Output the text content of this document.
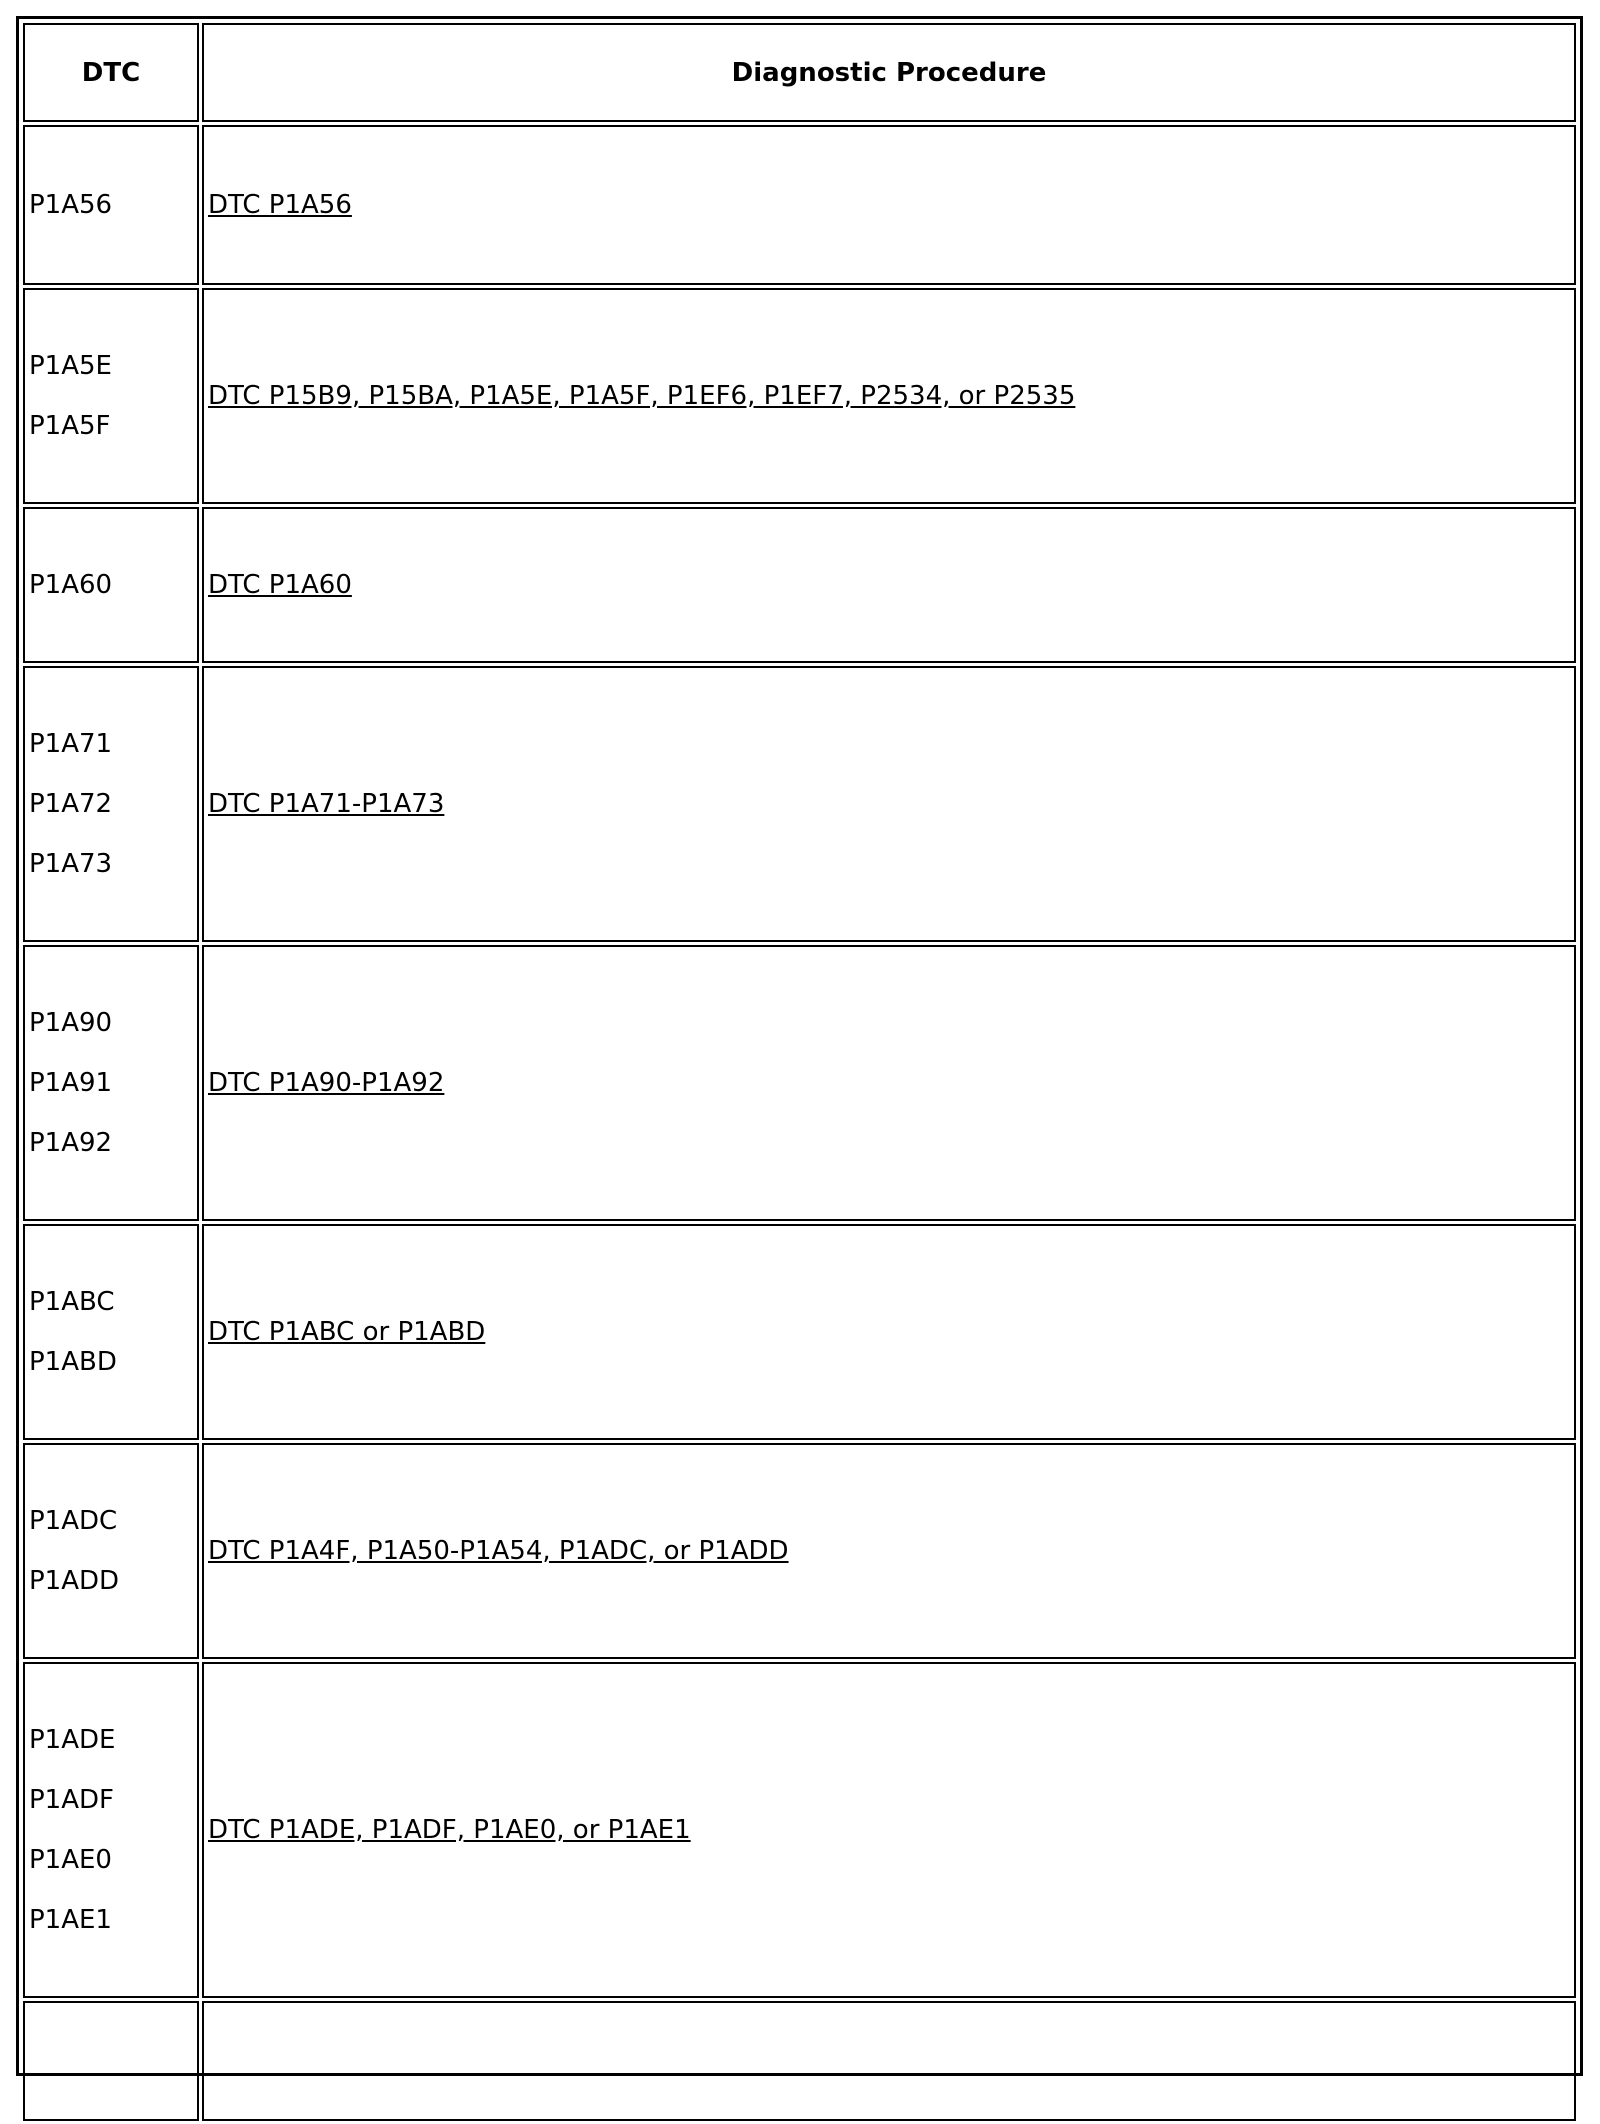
DTC	Diagnostic Procedure

P1A56	DTC P1A56

P1A5E
P1A5F	DTC P15B9, P15BA, P1A5E, P1A5F, P1EF6, P1EF7, P2534, or P2535

P1A60	DTC P1A60

P1A71
P1A72
P1A73	DTC P1A71-P1A73

P1A90
P1A91
P1A92	DTC P1A90-P1A92

P1ABC
P1ABD	DTC P1ABC or P1ABD

P1ADC
P1ADD	DTC P1A4F, P1A50-P1A54, P1ADC, or P1ADD

P1ADE
P1ADF
P1AE0
P1AE1	DTC P1ADE, P1ADF, P1AE0, or P1AE1
